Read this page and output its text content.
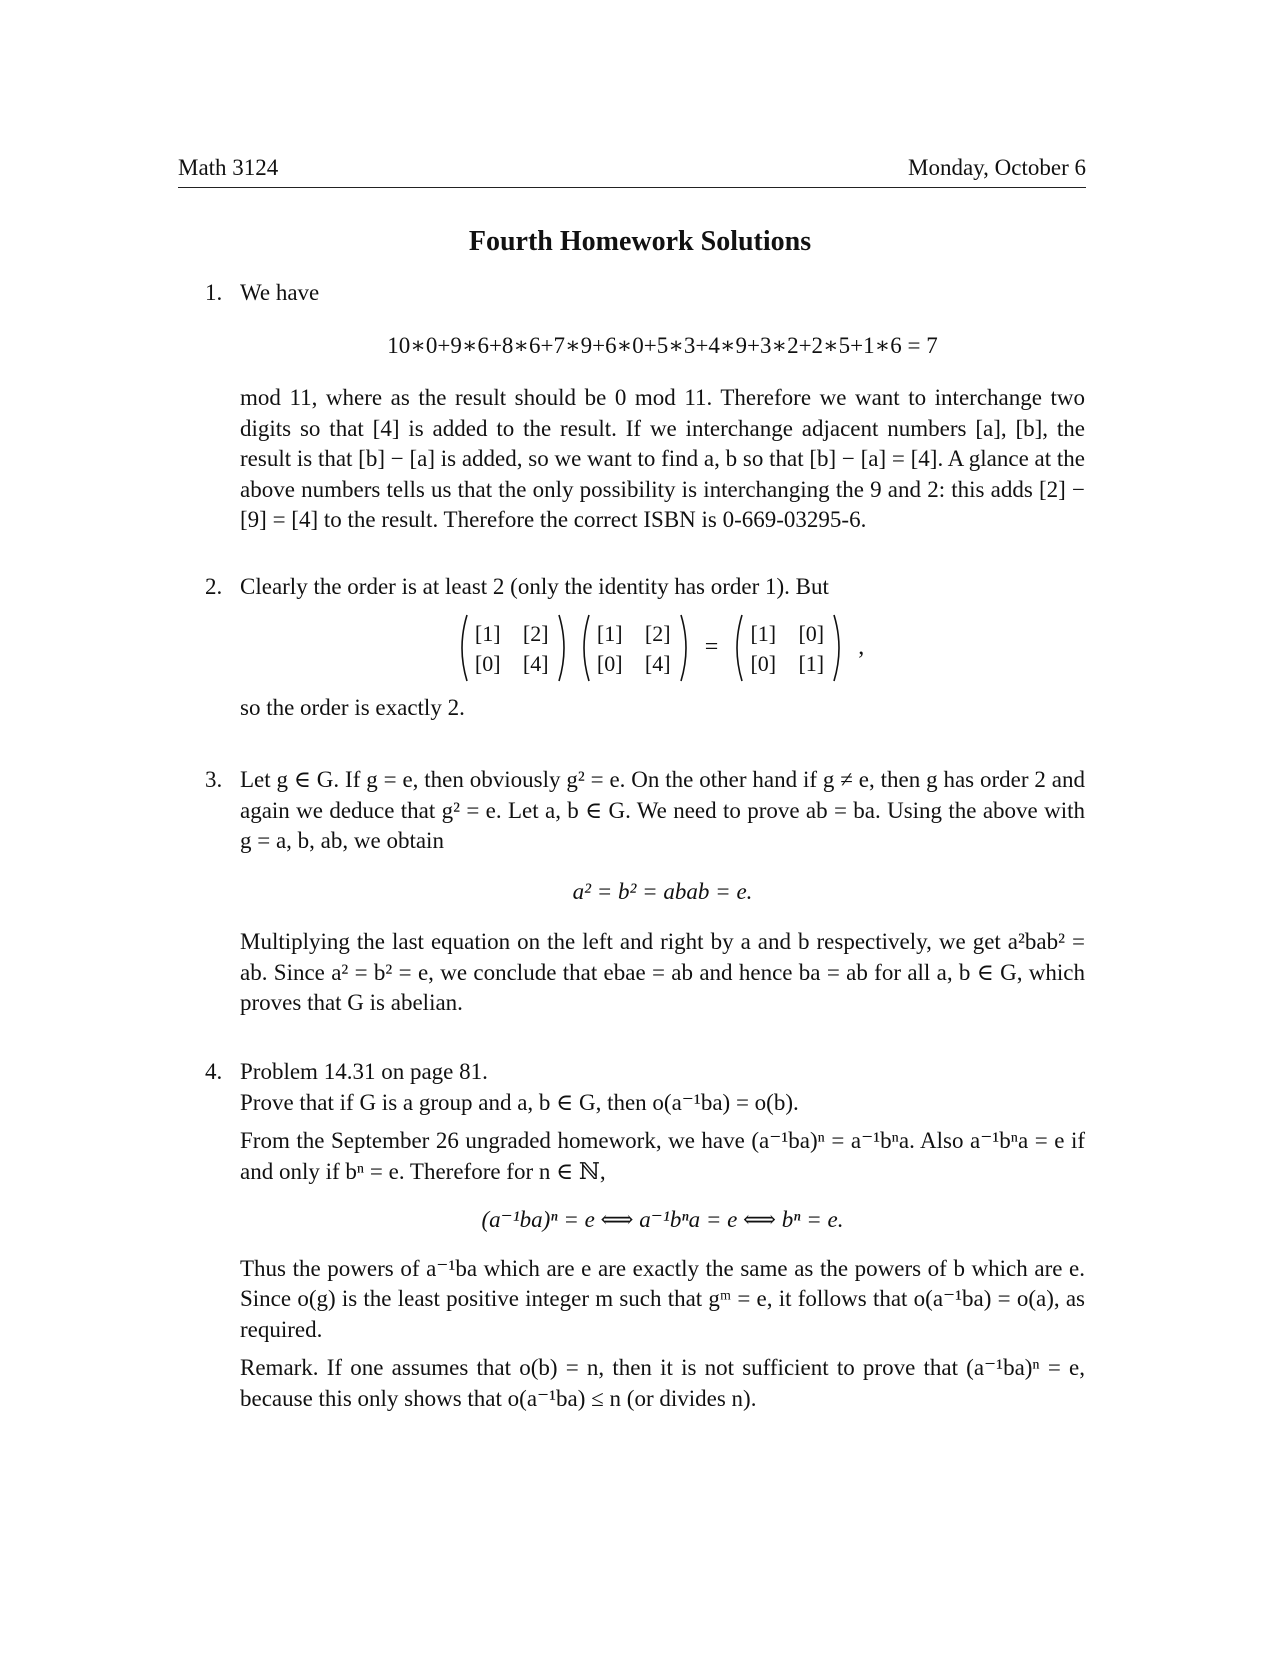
Math 3124	Monday, October 6
Fourth Homework Solutions
1. We have

10∗0+9∗6+8∗6+7∗9+6∗0+5∗3+4∗9+3∗2+2∗5+1∗6 = 7

mod 11, where as the result should be 0 mod 11. Therefore we want to interchange two digits so that [4] is added to the result. If we interchange adjacent numbers [a], [b], the result is that [b] − [a] is added, so we want to find a, b so that [b] − [a] = [4]. A glance at the above numbers tells us that the only possibility is interchanging the 9 and 2: this adds [2] − [9] = [4] to the result. Therefore the correct ISBN is 0-669-03295-6.

2. Clearly the order is at least 2 (only the identity has order 1). But

[1] [2]
[0] [4]
[1] [2]
[0] [4]
=
[1] [0]
[0] [1]
,

so the order is exactly 2.

3. Let g ∈ G. If g = e, then obviously g² = e. On the other hand if g ≠ e, then g has order 2 and again we deduce that g² = e. Let a, b ∈ G. We need to prove ab = ba. Using the above with g = a, b, ab, we obtain

a² = b² = abab = e.

Multiplying the last equation on the left and right by a and b respectively, we get a²bab² = ab. Since a² = b² = e, we conclude that ebae = ab and hence ba = ab for all a, b ∈ G, which proves that G is abelian.

4. Problem 14.31 on page 81.

Prove that if G is a group and a, b ∈ G, then o(a⁻¹ba) = o(b).

From the September 26 ungraded homework, we have (a⁻¹ba)ⁿ = a⁻¹bⁿa. Also a⁻¹bⁿa = e if and only if bⁿ = e. Therefore for n ∈ ℕ,

(a⁻¹ba)ⁿ = e ⟺ a⁻¹bⁿa = e ⟺ bⁿ = e.

Thus the powers of a⁻¹ba which are e are exactly the same as the powers of b which are e. Since o(g) is the least positive integer m such that gᵐ = e, it follows that o(a⁻¹ba) = o(a), as required.

Remark. If one assumes that o(b) = n, then it is not sufficient to prove that (a⁻¹ba)ⁿ = e, because this only shows that o(a⁻¹ba) ≤ n (or divides n).
